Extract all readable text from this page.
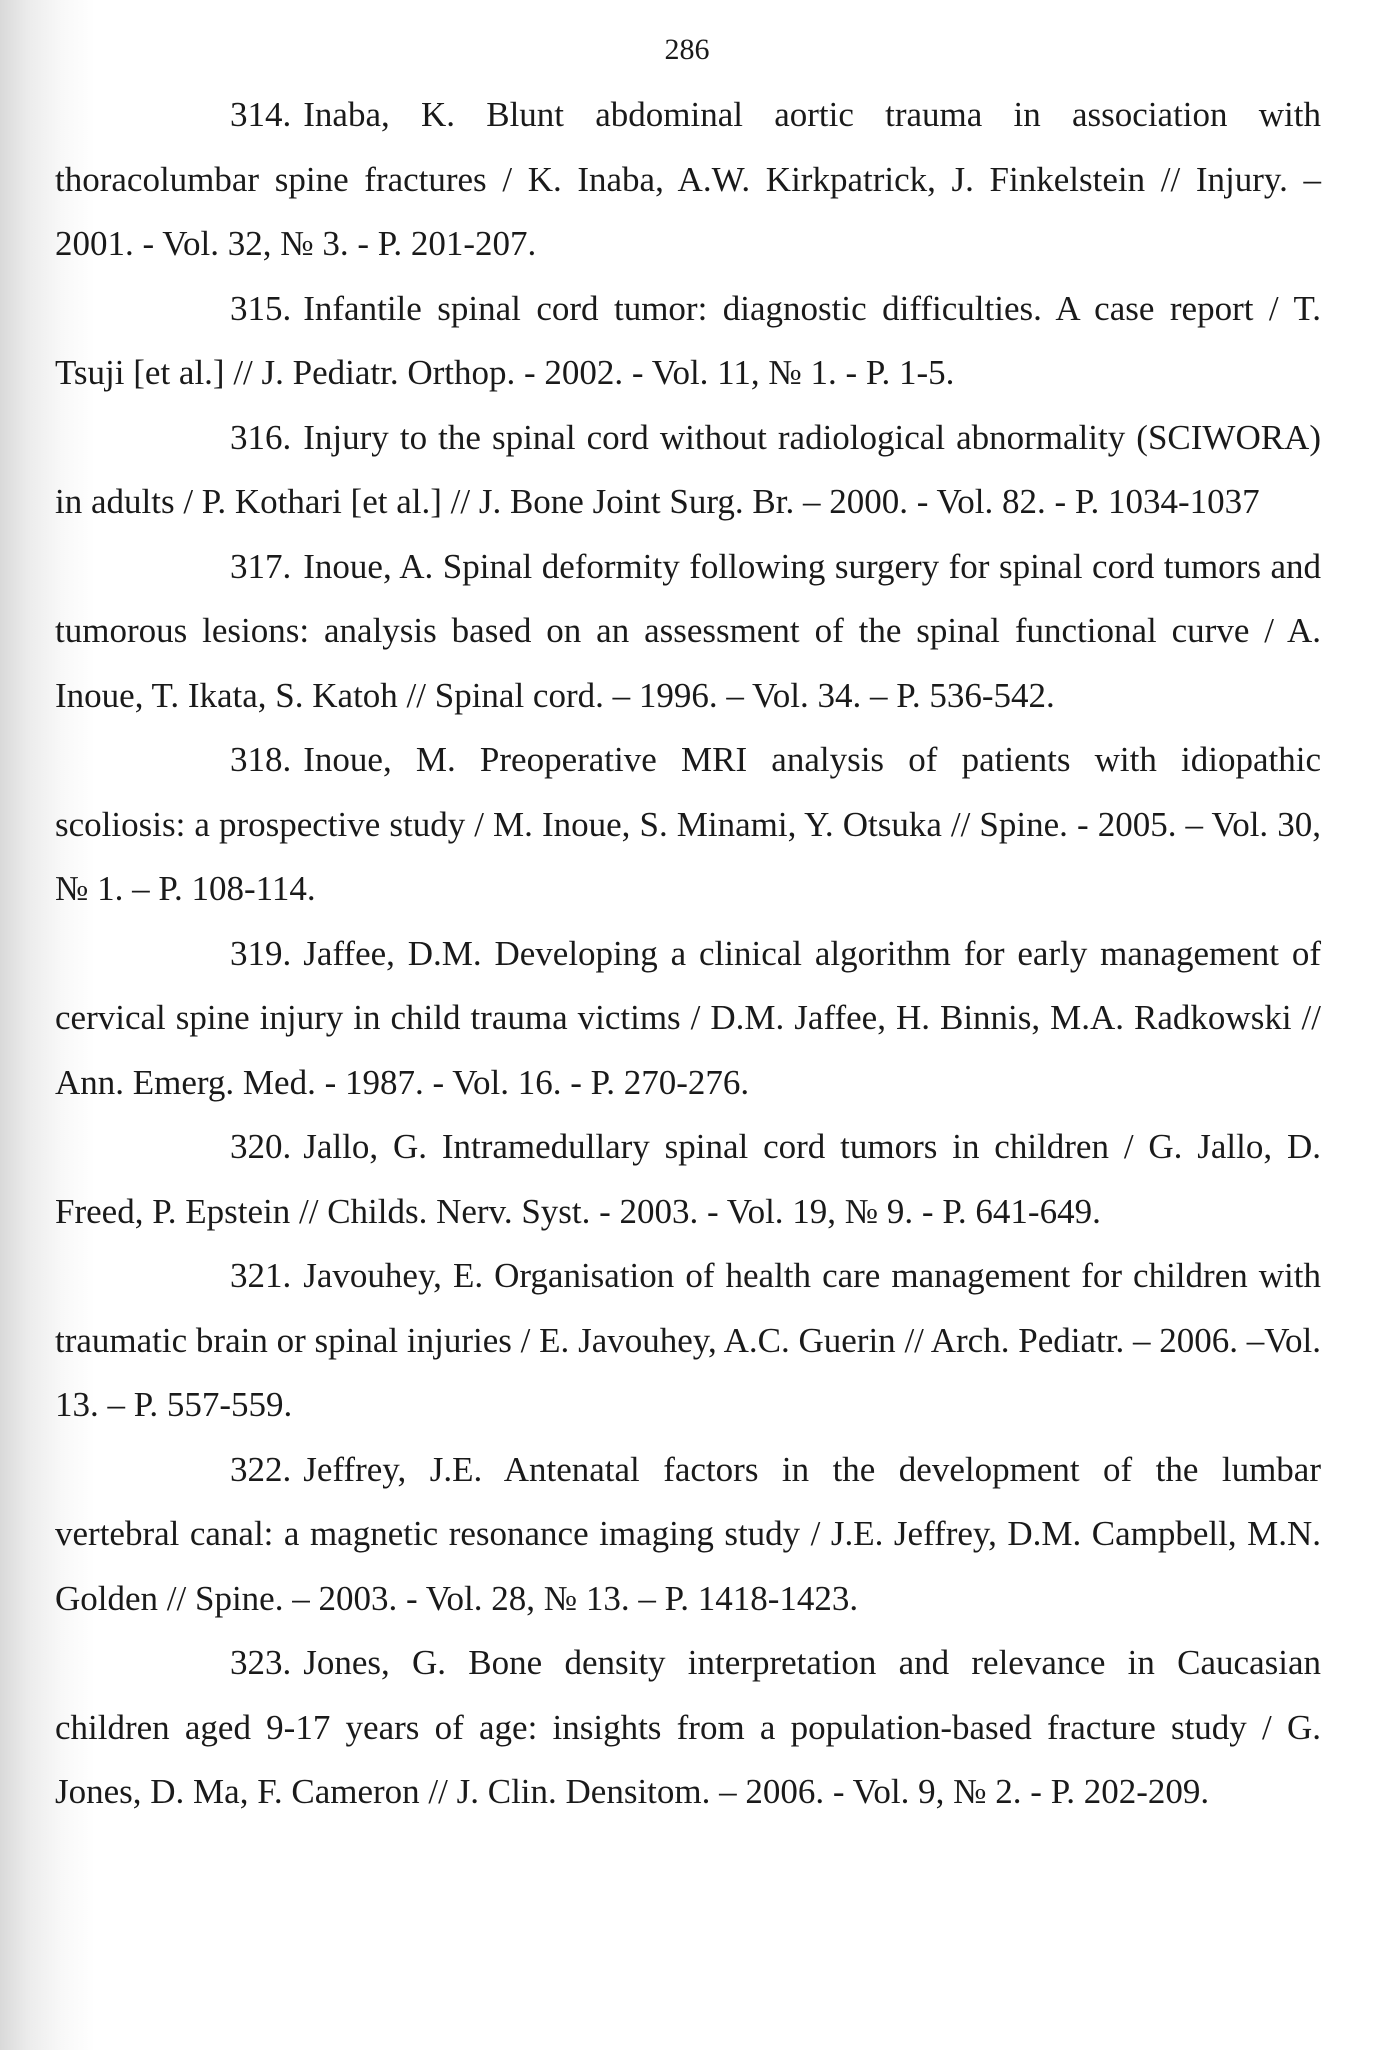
286

314. Inaba, K. Blunt abdominal aortic trauma in association with thoracolumbar spine fractures / K. Inaba, A.W. Kirkpatrick, J. Finkelstein // Injury. – 2001. - Vol. 32, № 3. - P. 201-207.

315. Infantile spinal cord tumor: diagnostic difficulties. A case report / T. Tsuji [et al.] // J. Pediatr. Orthop. - 2002. - Vol. 11, № 1. - P. 1-5.

316. Injury to the spinal cord without radiological abnormality (SCIWORA) in adults / P. Kothari [et al.] // J. Bone Joint Surg. Br. – 2000. - Vol. 82. - P. 1034-1037

317. Inoue, A. Spinal deformity following surgery for spinal cord tumors and tumorous lesions: analysis based on an assessment of the spinal functional curve / A. Inoue, T. Ikata, S. Katoh // Spinal cord. – 1996. – Vol. 34. – P. 536-542.

318. Inoue, M. Preoperative MRI analysis of patients with idiopathic scoliosis: a prospective study / M. Inoue, S. Minami, Y. Otsuka // Spine. - 2005. – Vol. 30, № 1. – P. 108-114.

319. Jaffee, D.M. Developing a clinical algorithm for early management of cervical spine injury in child trauma victims / D.M. Jaffee, H. Binnis, M.A. Radkowski // Ann. Emerg. Med. - 1987. - Vol. 16. - P. 270-276.

320. Jallo, G. Intramedullary spinal cord tumors in children / G. Jallo, D. Freed, P. Epstein // Childs. Nerv. Syst. - 2003. - Vol. 19, № 9. - P. 641-649.

321. Javouhey, E. Organisation of health care management for children with traumatic brain or spinal injuries / E. Javouhey, A.C. Guerin // Arch. Pediatr. – 2006. –Vol. 13. – P. 557-559.

322. Jeffrey, J.E. Antenatal factors in the development of the lumbar vertebral canal: a magnetic resonance imaging study / J.E. Jeffrey, D.M. Campbell, M.N. Golden // Spine. – 2003. - Vol. 28, № 13. – P. 1418-1423.

323. Jones, G. Bone density interpretation and relevance in Caucasian children aged 9-17 years of age: insights from a population-based fracture study / G. Jones, D. Ma, F. Cameron // J. Clin. Densitom. – 2006. - Vol. 9, № 2. - P. 202-209.
